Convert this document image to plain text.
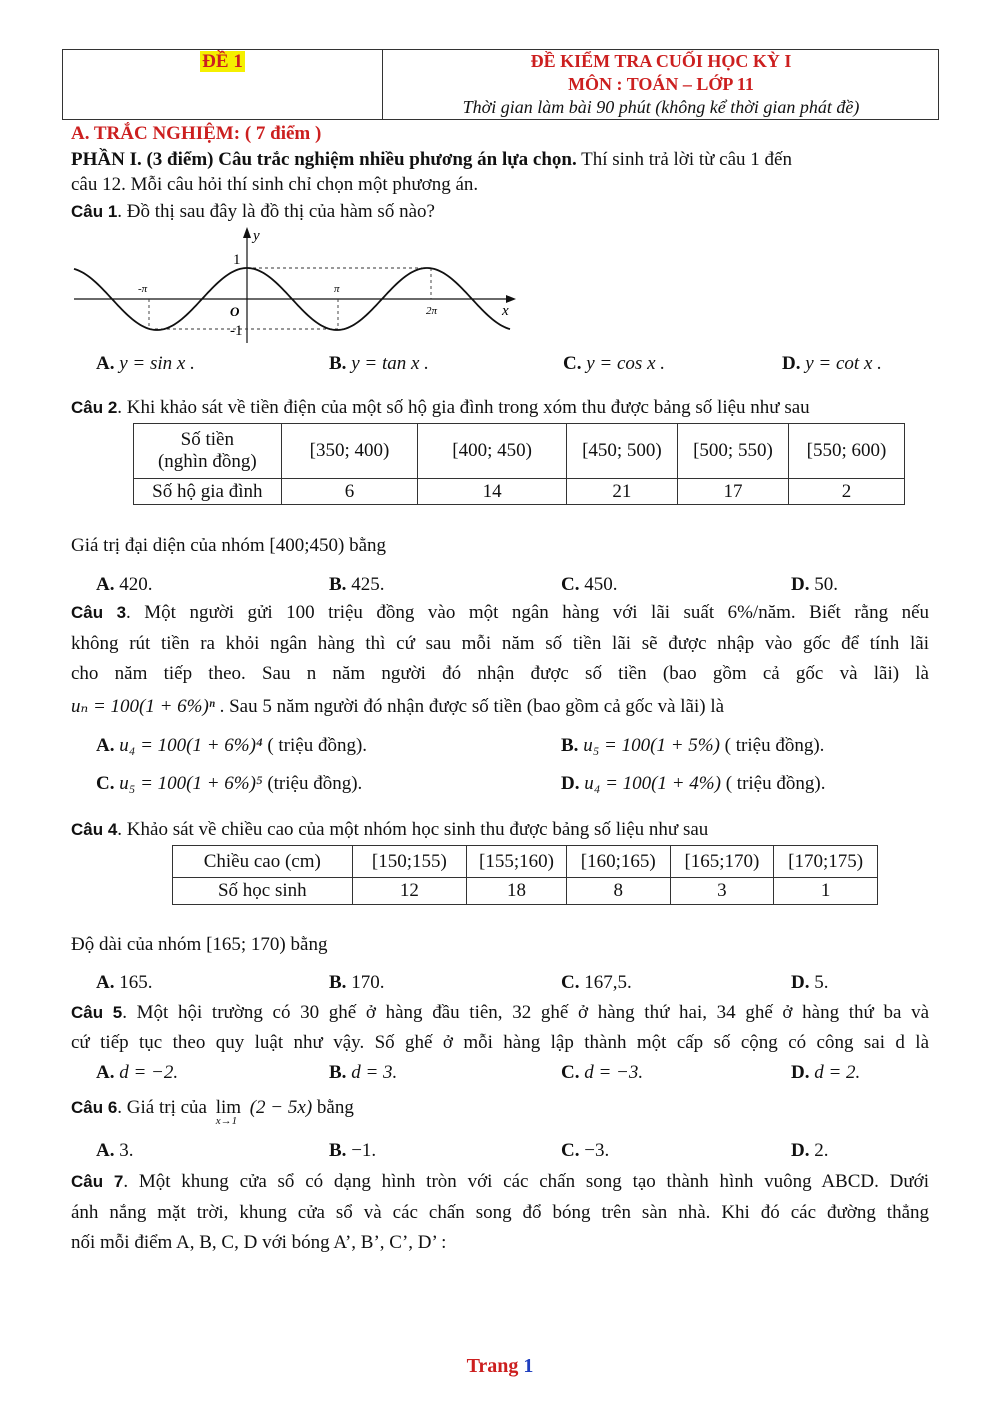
ĐỀ 1	ĐỀ KIỂM TRA CUỐI HỌC KỲ I
MÔN : TOÁN – LỚP 11
Thời gian làm bài 90 phút (không kể thời gian phát đề)
A. TRẮC NGHIỆM: ( 7 điểm )
PHẦN I. (3 điểm) Câu trắc nghiệm nhiều phương án lựa chọn. Thí sinh trả lời từ câu 1 đến
câu 12. Mỗi câu hỏi thí sinh chỉ chọn một phương án.
Câu 1. Đồ thị sau đây là đồ thị của hàm số nào?
y
x
1
-1
O
-π	π
2π
A. y = sin x .	B. y = tan x .	C. y = cos x .	D. y = cot x .
Câu 2. Khi khảo sát về tiền điện của một số hộ gia đình trong xóm thu được bảng số liệu như sau
Số tiền
(nghìn đồng)	[350; 400)	[400; 450)	[450; 500)	[500; 550)	[550; 600)
Số hộ gia đình	6	14	21	17	2
Giá trị đại diện của nhóm [400;450) bằng
A. 420.	B. 425.	C. 450.	D. 50.
Câu 3. Một người gửi 100 triệu đồng vào một ngân hàng với lãi suất 6%/năm. Biết rằng nếu
không rút tiền ra khỏi ngân hàng thì cứ sau mỗi năm số tiền lãi sẽ được nhập vào gốc để tính lãi
cho năm tiếp theo. Sau n năm người đó nhận được số tiền (bao gồm cả gốc và lãi) là
uₙ = 100(1 + 6%)ⁿ . Sau 5 năm người đó nhận được số tiền (bao gồm cả gốc và lãi) là
A. u₄ = 100(1 + 6%)⁴ ( triệu đồng).	B. u₅ = 100(1 + 5%) ( triệu đồng).
C. u₅ = 100(1 + 6%)⁵ (triệu đồng).	D. u₄ = 100(1 + 4%) ( triệu đồng).
Câu 4. Khảo sát về chiều cao của một nhóm học sinh thu được bảng số liệu như sau
Chiều cao (cm)	[150;155)	[155;160)	[160;165)	[165;170)	[170;175)
Số học sinh	12	18	8	3	1
Độ dài của nhóm [165; 170) bằng
A. 165.	B. 170.	C. 167,5.	D. 5.
Câu 5. Một hội trường có 30 ghế ở hàng đầu tiên, 32 ghế ở hàng thứ hai, 34 ghế ở hàng thứ ba và
cứ tiếp tục theo quy luật như vậy. Số ghế ở mỗi hàng lập thành một cấp số cộng có công sai d là
A. d = −2.	B. d = 3.	C. d = −3.	D. d = 2.
Câu 6. Giá trị của lim
x→1
(2 − 5x) bằng
A. 3.	B. −1.	C. −3.	D. 2.
Câu 7. Một khung cửa sổ có dạng hình tròn với các chấn song tạo thành hình vuông ABCD. Dưới
ánh nắng mặt trời, khung cửa sổ và các chấn song đổ bóng trên sàn nhà. Khi đó các đường thẳng
nối mỗi điểm A, B, C, D với bóng A’, B’, C’, D’ :
Trang 1
